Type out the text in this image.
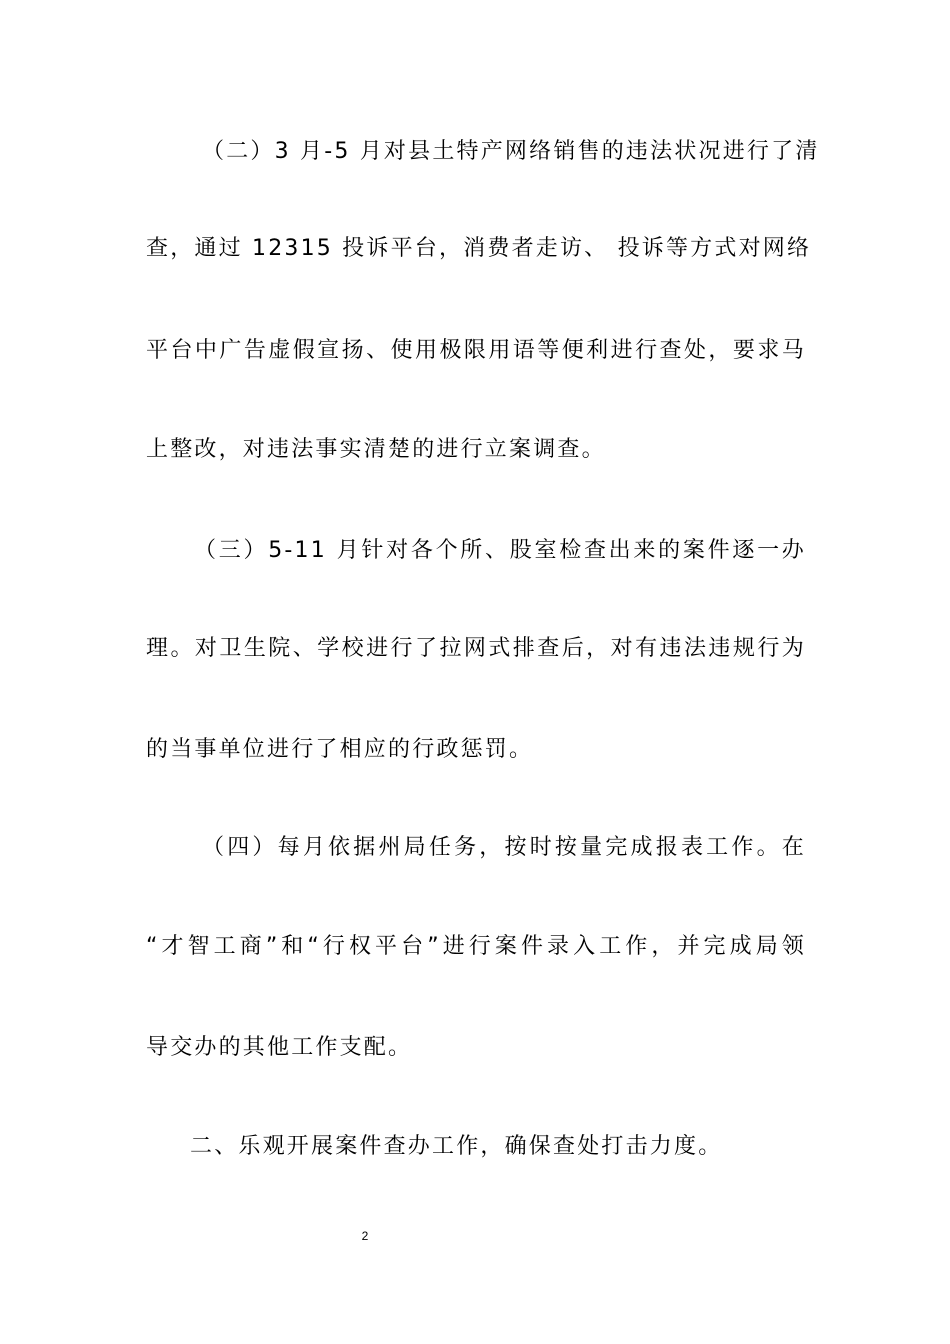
（二）3 月-5 月对县土特产网络销售的违法状况进行了清
查，通过 12315 投诉平台，消费者走访、 投诉等方式对网络
平台中广告虚假宣扬、使用极限用语等便利进行查处，要求马
上整改，对违法事实清楚的进行立案调查。
（三）5-11 月针对各个所、股室检查出来的案件逐一办
理。对卫生院、学校进行了拉网式排查后，对有违法违规行为
的当事单位进行了相应的行政惩罚。
（四）每月依据州局任务，按时按量完成报表工作。在
“才智工商”和“行权平台”进行案件录入工作，并完成局领
导交办的其他工作支配。
二、乐观开展案件查办工作，确保查处打击力度。
2
